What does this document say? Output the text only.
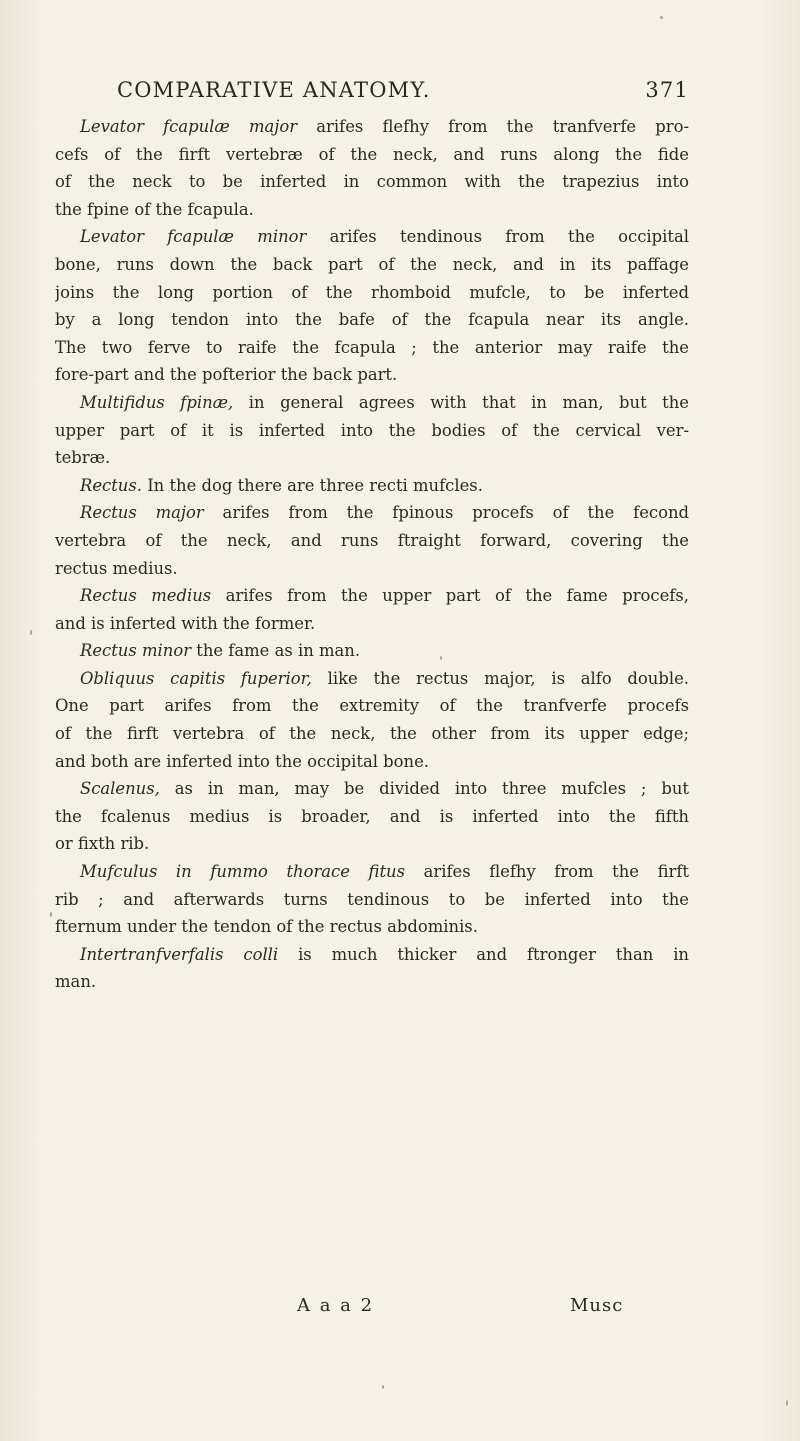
COMPARATIVE ANATOMY.	371
Levator fcapulæ major arifes flefhy from the tranfverfe pro-
cefs of the firft vertebræ of the neck, and runs along the fide
of the neck to be inferted in common with the trapezius into
the fpine of the fcapula.
Levator fcapulæ minor arifes tendinous from the occipital
bone, runs down the back part of the neck, and in its paffage
joins the long portion of the rhomboid mufcle, to be inferted
by a long tendon into the bafe of the fcapula near its angle.
The two ferve to raife the fcapula ; the anterior may raife the
fore-part and the pofterior the back part.
Multifidus fpinæ, in general agrees with that in man, but the
upper part of it is inferted into the bodies of the cervical ver-
tebræ.
Rectus. In the dog there are three recti mufcles.
Rectus major arifes from the fpinous procefs of the fecond
vertebra of the neck, and runs ftraight forward, covering the
rectus medius.
Rectus medius arifes from the upper part of the fame procefs,
and is inferted with the former.
Rectus minor the fame as in man.
Obliquus capitis fuperior, like the rectus major, is alfo double.
One part arifes from the extremity of the tranfverfe procefs
of the firft vertebra of the neck, the other from its upper edge;
and both are inferted into the occipital bone.
Scalenus, as in man, may be divided into three mufcles ; but
the fcalenus medius is broader, and is inferted into the fifth
or fixth rib.
Mufculus in fummo thorace fitus arifes flefhy from the firft
rib ; and afterwards turns tendinous to be inferted into the
fternum under the tendon of the rectus abdominis.
Intertranfverfalis colli is much thicker and ftronger than in
man.
A a a 2	Musc
